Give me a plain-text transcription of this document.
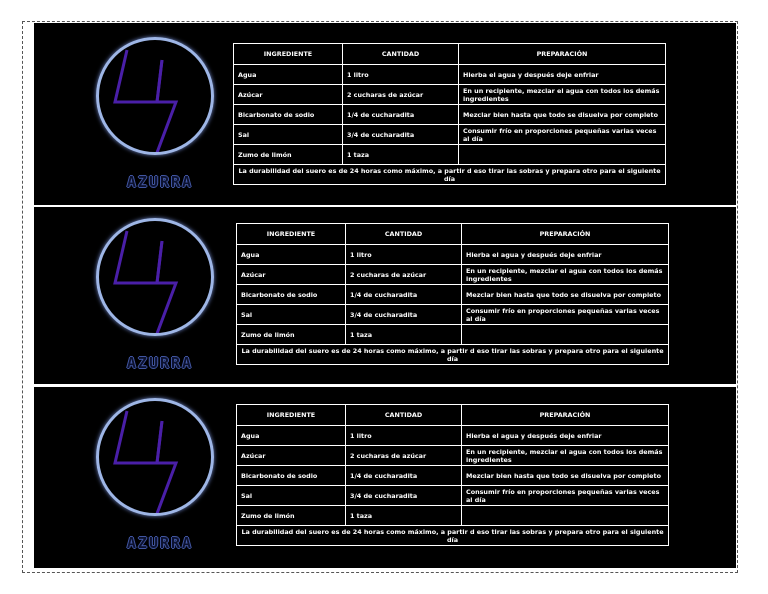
AZURRA
INGREDIENTE	CANTIDAD	PREPARACIÓN
Agua	1 litro	Hierba el agua y después deje enfriar
Azúcar	2 cucharas de azúcar	En un recipiente, mezclar el agua con todos los demás ingredientes
Bicarbonato de sodio	1/4 de cucharadita	Mezclar bien hasta que todo se disuelva por completo
Sal	3/4 de cucharadita	Consumir frío en proporciones pequeñas varias veces al día
Zumo de limón	1 taza	
La durabilidad del suero es de 24 horas como máximo, a partir d eso tirar las sobras y prepara otro para el siguiente día		
AZURRA
INGREDIENTE	CANTIDAD	PREPARACIÓN
Agua	1 litro	Hierba el agua y después deje enfriar
Azúcar	2 cucharas de azúcar	En un recipiente, mezclar el agua con todos los demás ingredientes
Bicarbonato de sodio	1/4 de cucharadita	Mezclar bien hasta que todo se disuelva por completo
Sal	3/4 de cucharadita	Consumir frío en proporciones pequeñas varias veces al día
Zumo de limón	1 taza	
La durabilidad del suero es de 24 horas como máximo, a partir d eso tirar las sobras y prepara otro para el siguiente día		
AZURRA
INGREDIENTE	CANTIDAD	PREPARACIÓN
Agua	1 litro	Hierba el agua y después deje enfriar
Azúcar	2 cucharas de azúcar	En un recipiente, mezclar el agua con todos los demás ingredientes
Bicarbonato de sodio	1/4 de cucharadita	Mezclar bien hasta que todo se disuelva por completo
Sal	3/4 de cucharadita	Consumir frío en proporciones pequeñas varias veces al día
Zumo de limón	1 taza	
La durabilidad del suero es de 24 horas como máximo, a partir d eso tirar las sobras y prepara otro para el siguiente día		
